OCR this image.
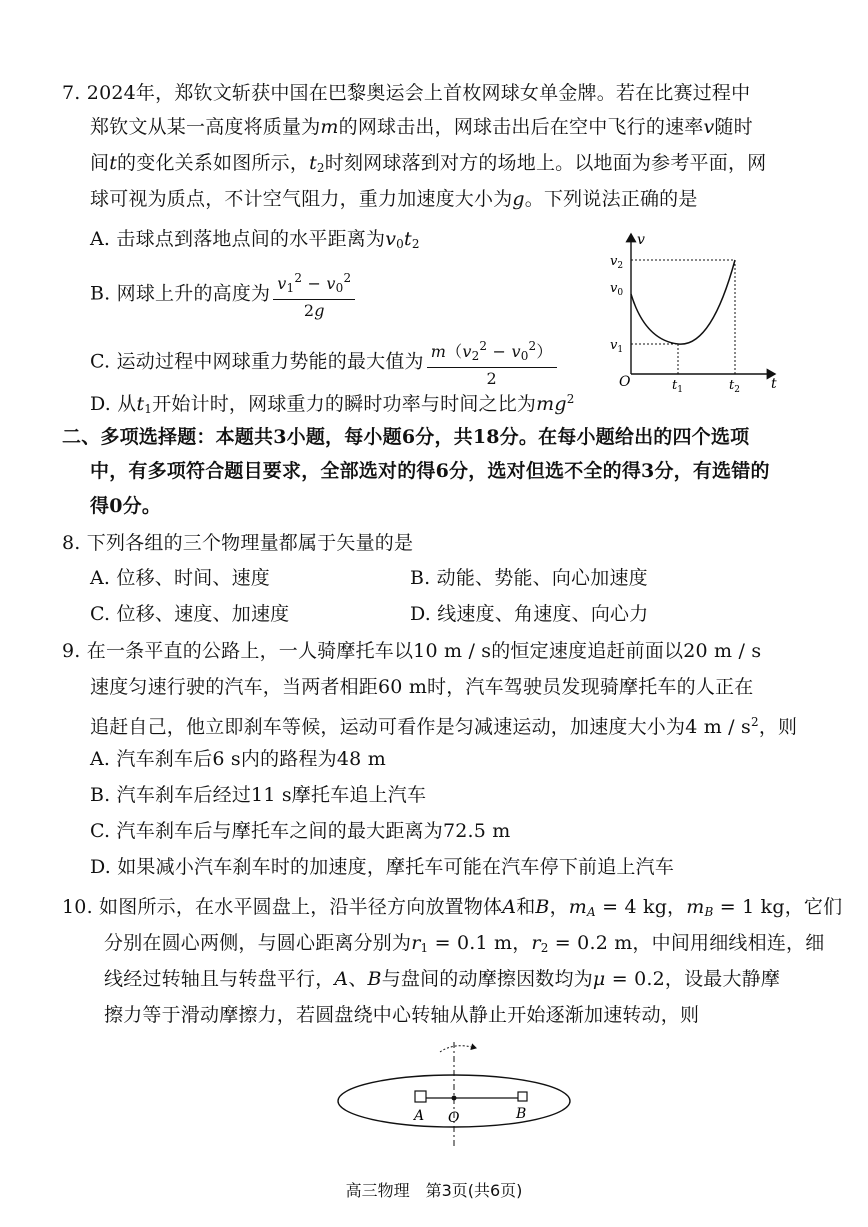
7. 2024年，郑钦文斩获中国在巴黎奥运会上首枚网球女单金牌。若在比赛过程中
郑钦文从某一高度将质量为m的网球击出，网球击出后在空中飞行的速率v随时
间t的变化关系如图所示，$t_2$时刻网球落到对方的场地上。以地面为参考平面，网
球可视为质点，不计空气阻力，重力加速度大小为g。下列说法正确的是
A. 击球点到落地点间的水平距离为$v_0t_2$
B. 网球上升的高度为 $\frac{v_1^2 - v_0^2}{2g}$
C. 运动过程中网球重力势能的最大值为 $\frac{m(v_2^2 - v_0^2)}{2}$
D. 从$t_1$开始计时，网球重力的瞬时功率与时间之比为$mg^2$
v
t
O
$v_2$
$v_0$
$v_1$
$t_1$	$t_2$
二、多项选择题：本题共3小题，每小题6分，共18分。在每小题给出的四个选项
中，有多项符合题目要求，全部选对的得6分，选对但选不全的得3分，有选错的
得0分。
8. 下列各组的三个物理量都属于矢量的是
A. 位移、时间、速度	B. 动能、势能、向心加速度
C. 位移、速度、加速度	D. 线速度、角速度、向心力
9. 在一条平直的公路上，一人骑摩托车以10 m / s的恒定速度追赶前面以20 m / s
速度匀速行驶的汽车，当两者相距60 m时，汽车驾驶员发现骑摩托车的人正在
追赶自己，他立即刹车等候，运动可看作是匀减速运动，加速度大小为4 m / $s^2$，则
A. 汽车刹车后6 s内的路程为48 m
B. 汽车刹车后经过11 s摩托车追上汽车
C. 汽车刹车后与摩托车之间的最大距离为72.5 m
D. 如果减小汽车刹车时的加速度，摩托车可能在汽车停下前追上汽车
10. 如图所示，在水平圆盘上，沿半径方向放置物体A和B，$m_A = 4$ kg，$m_B = 1$ kg，它们
分别在圆心两侧，与圆心距离分别为$r_1 = 0.1$ m，$r_2 = 0.2$ m，中间用细线相连，细
线经过转轴且与转盘平行，A、B与盘间的动摩擦因数均为μ = 0.2，设最大静摩
擦力等于滑动摩擦力，若圆盘绕中心转轴从静止开始逐渐加速转动，则
A O	B
高三物理　第3页(共6页)
